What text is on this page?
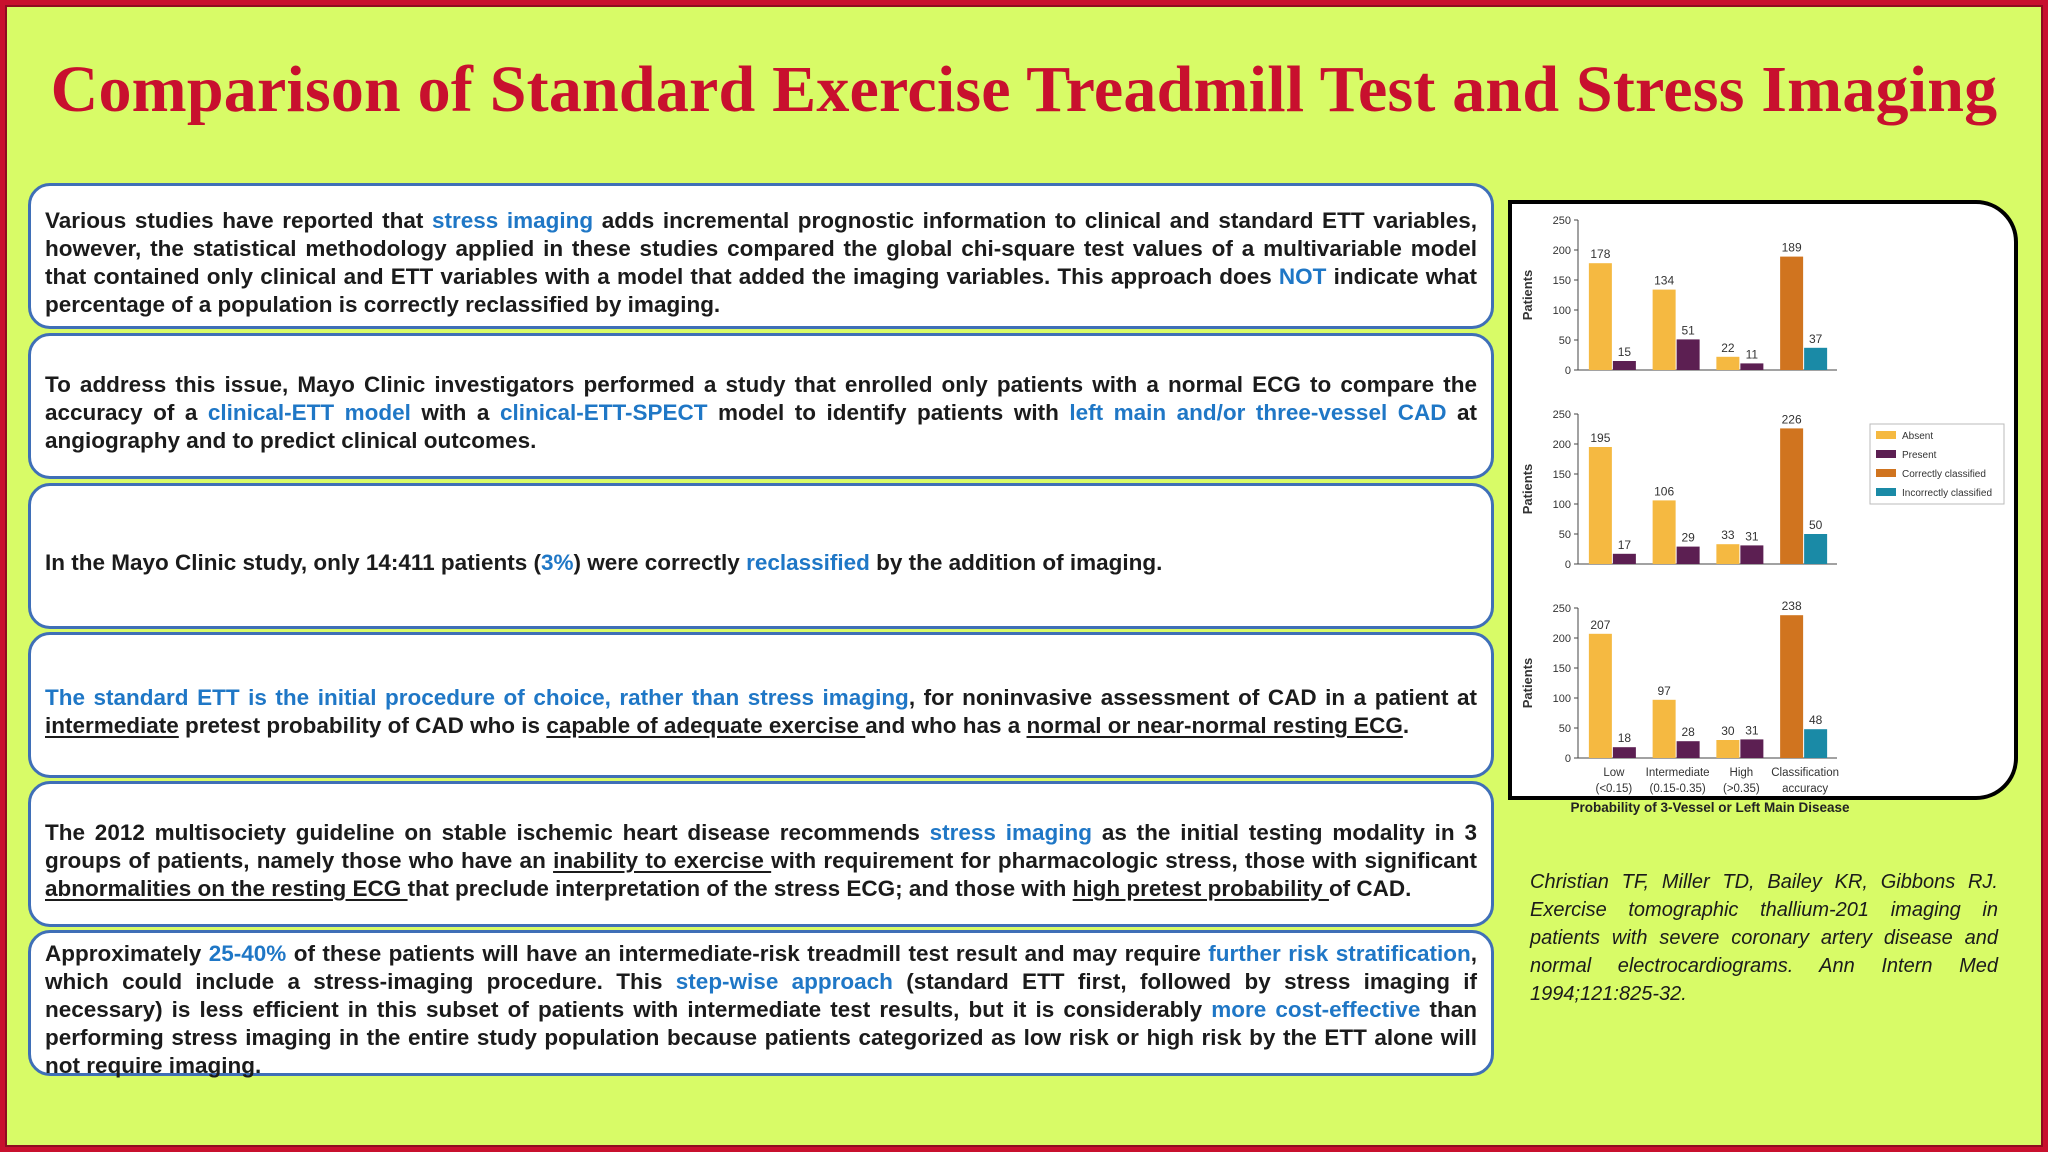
Comparison of Standard Exercise Treadmill Test and Stress Imaging

Various studies have reported that stress imaging adds incremental prognostic information to clinical and standard ETT variables, however, the statistical methodology applied in these studies compared the global chi-square test values of a multivariable model that contained only clinical and ETT variables with a model that added the imaging variables. This approach does NOT indicate what percentage of a population is correctly reclassified by imaging.

To address this issue, Mayo Clinic investigators performed a study that enrolled only patients with a normal ECG to compare the accuracy of a clinical-ETT model with a clinical-ETT-SPECT model to identify patients with left main and/or three-vessel CAD at angiography and to predict clinical outcomes.

In the Mayo Clinic study, only 14:411 patients (3%) were correctly reclassified by the addition of imaging.

The standard ETT is the initial procedure of choice, rather than stress imaging, for noninvasive assessment of CAD in a patient at intermediate pretest probability of CAD who is capable of adequate exercise and who has a normal or near-normal resting ECG.

The 2012 multisociety guideline on stable ischemic heart disease recommends stress imaging as the initial testing modality in 3 groups of patients, namely those who have an inability to exercise with requirement for pharmacologic stress, those with significant abnormalities on the resting ECG that preclude interpretation of the stress ECG; and those with high pretest probability of CAD.

Approximately 25-40% of these patients will have an intermediate-risk treadmill test result and may require further risk stratification, which could include a stress-imaging procedure. This step-wise approach (standard ETT first, followed by stress imaging if necessary) is less efficient in this subset of patients with intermediate test results, but it is considerably more cost-effective than performing stress imaging in the entire study population because patients categorized as low risk or high risk by the ETT alone will not require imaging.

Patients
0
50
100
150
200
250
178
15
134
51
22 11
189
37
Patients
0
50
100
150
200
250
195
17
106
29 33 31
226
50
Patients
0
50
100
150
200
250
207
18
97
28 30 31
238
48
Low
(<0.15)
Intermediate
(0.15-0.35)
High
(>0.35)
Classification
accuracy
Probability of 3-Vessel or Left Main Disease
Absent
Present
Correctly classified
Incorrectly classified
Christian TF, Miller TD, Bailey KR, Gibbons RJ. Exercise tomographic thallium-201 imaging in patients with severe coronary artery disease and normal electrocardiograms. Ann Intern Med 1994;121:825-32.
